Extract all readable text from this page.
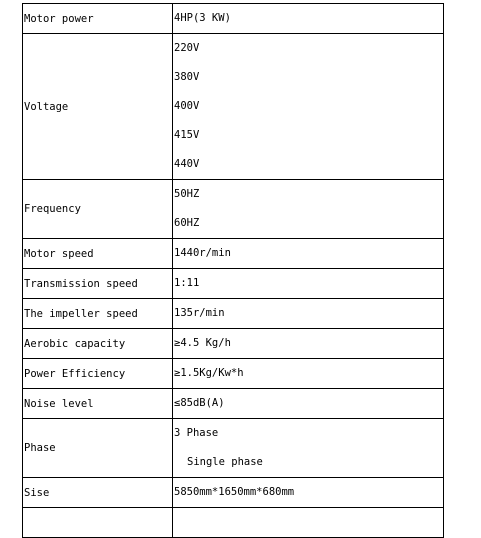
Motor power	4HP(3 KW)

Voltage	220V
380V
400V
415V
440V

Frequency	50HZ
60HZ

Motor speed	1440r/min

Transmission speed	1:11

The impeller speed	135r/min

Aerobic capacity	≥4.5 Kg/h

Power Efficiency	≥1.5Kg/Kw*h

Noise level	≤85dB(A)

Phase	3 Phase
Single phase

Sise	5850mm*1650mm*680mm
